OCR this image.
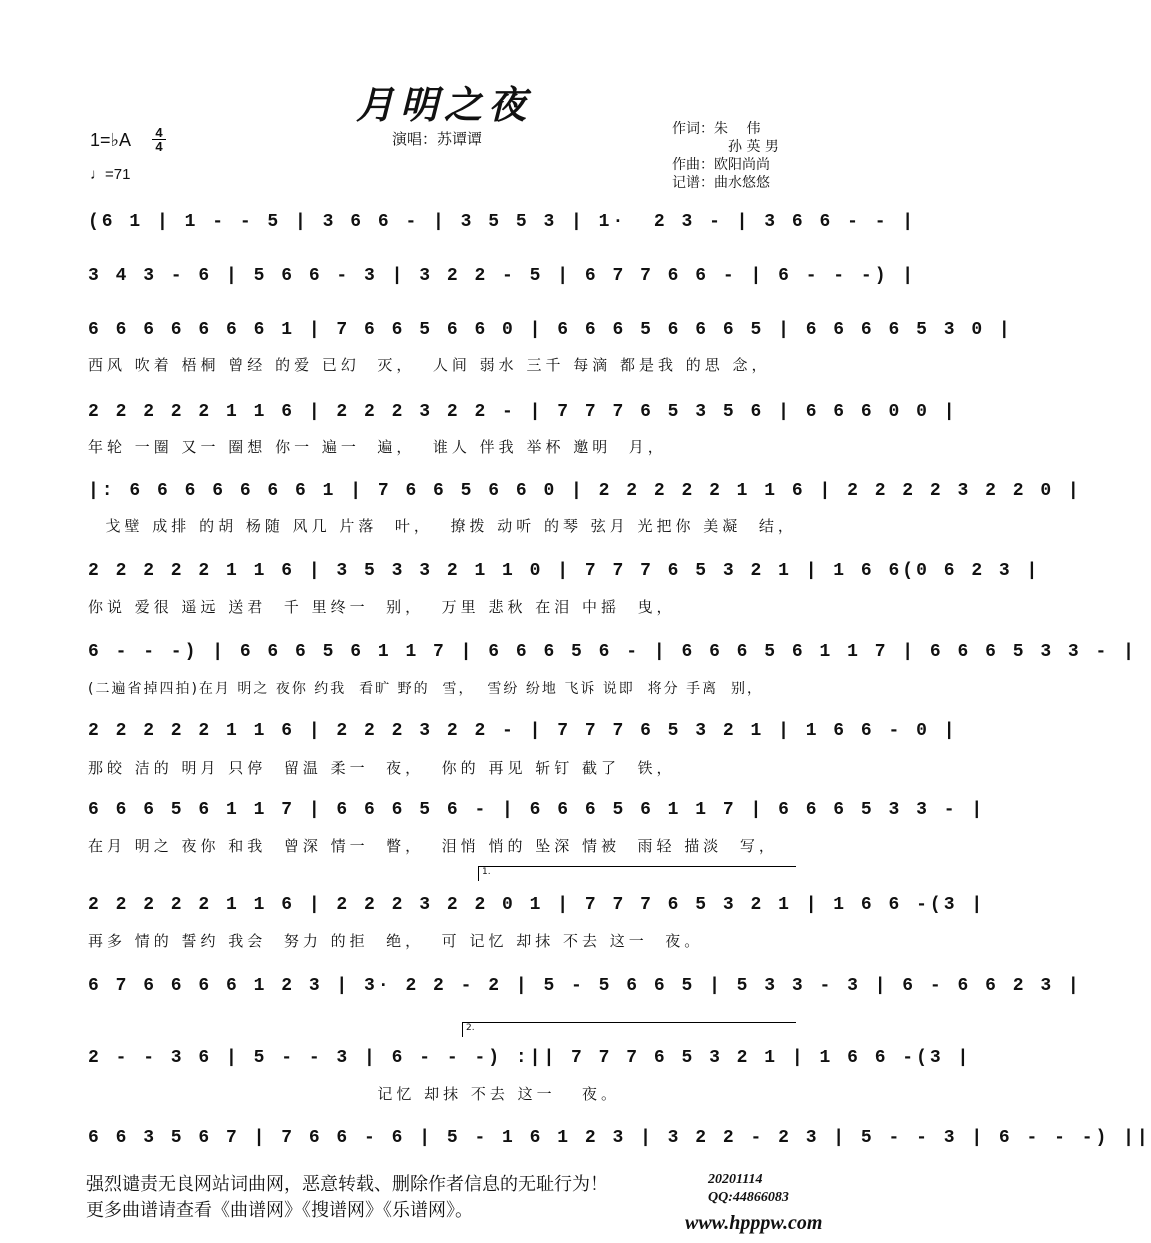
月明之夜
1=♭A 4
4
♩=71
演唱：苏谭谭
作词：朱　 伟
孙 英 男
作曲：欧阳尚尚
记谱：曲水悠悠
(6 1 | 1 - - 5 | 3 6 6 - | 3 5 5 3 | 1·  2 3 - | 3 6 6 - - |
3 4 3 - 6 | 5 6 6 - 3 | 3 2 2 - 5 | 6 7 7 6 6 - | 6 - - -) |
6 6 6 6 6 6 6 1 | 7 6 6 5 6 6 0 | 6 6 6 5 6 6 6 5 | 6 6 6 6 5 3 0 |
西风 吹着 梧桐 曾经 的爱 已幻  灭，  人间 弱水 三千 每滴 都是我 的思 念，
2 2 2 2 2 1 1 6 | 2 2 2 3 2 2 - | 7 7 7 6 5 3 5 6 | 6 6 6 0 0 |
年轮 一圈 又一 圈想 你一 遍一  遍，  谁人 伴我 举杯 邀明  月，
|: 6 6 6 6 6 6 6 1 | 7 6 6 5 6 6 0 | 2 2 2 2 2 1 1 6 | 2 2 2 2 3 2 2 0 |
戈壁 成排 的胡 杨随 风几 片落  叶，  撩拨 动听 的琴 弦月 光把你 美凝  结，
2 2 2 2 2 1 1 6 | 3 5 3 3 2 1 1 0 | 7 7 7 6 5 3 2 1 | 1 6 6(0 6 2 3 |
你说 爱很 遥远 送君  千 里终一  别，  万里 悲秋 在泪 中摇  曳，
6 - - -) | 6 6 6 5 6 1 1 7 | 6 6 6 5 6 - | 6 6 6 5 6 1 1 7 | 6 6 6 5 3 3 - |
(二遍省掉四拍)在月 明之 夜你 约我  看旷 野的  雪，  雪纷 纷地 飞诉 说即  将分 手离  别，
2 2 2 2 2 1 1 6 | 2 2 2 3 2 2 - | 7 7 7 6 5 3 2 1 | 1 6 6 - 0 |
那皎 洁的 明月 只停  留温 柔一  夜，  你的 再见 斩钉 截了  铁，
6 6 6 5 6 1 1 7 | 6 6 6 5 6 - | 6 6 6 5 6 1 1 7 | 6 6 6 5 3 3 - |
在月 明之 夜你 和我  曾深 情一  瞥，  泪悄 悄的 坠深 情被  雨轻 描淡  写，
1.
2 2 2 2 2 1 1 6 | 2 2 2 3 2 2 0 1 | 7 7 7 6 5 3 2 1 | 1 6 6 -(3 |
再多 情的 誓约 我会  努力 的拒  绝，  可 记忆 却抹 不去 这一  夜。
6 7 6 6 6 6 1 2 3 | 3· 2 2 - 2 | 5 - 5 6 6 5 | 5 3 3 - 3 | 6 - 6 6 2 3 |
2.
2 - - 3 6 | 5 - - 3 | 6 - - -) :|| 7 7 7 6 5 3 2 1 | 1 6 6 -(3 |
记忆 却抹 不去 这一   夜。
6 6 3 5 6 7 | 7 6 6 - 6 | 5 - 1 6 1 2 3 | 3 2 2 - 2 3 | 5 - - 3 | 6 - - -) ||
强烈谴责无良网站词曲网，恶意转载、删除作者信息的无耻行为！
更多曲谱请查看《曲谱网》《搜谱网》《乐谱网》。
20201114
QQ:44866083
www.hpppw.com
